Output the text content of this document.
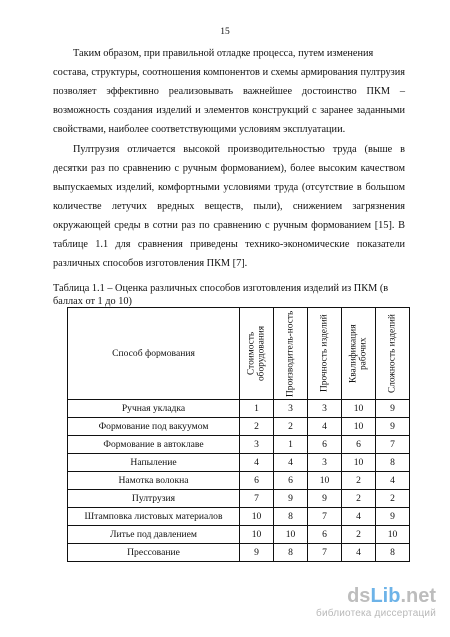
15
Таким образом, при правильной отладке процесса, путем изменения
состава, структуры, соотношения компонентов и схемы армирования пултрузия
позволяет эффективно реализовывать важнейшее достоинство ПКМ –
возможность создания изделий и элементов конструкций с заранее заданными
свойствами, наиболее соответствующими условиям эксплуатации.
Пултрузия отличается высокой производительностью труда (выше в
десятки раз по сравнению с ручным формованием), более высоким качеством
выпускаемых изделий, комфортными условиями труда (отсутствие в большом
количестве летучих вредных веществ, пыли), снижением загрязнения
окружающей среды в сотни раз по сравнению с ручным формованием [15]. В
таблице 1.1 для сравнения приведены технико-экономические показатели
различных способов изготовления ПКМ [7].
Таблица 1.1 – Оценка различных способов изготовления изделий из ПКМ (в
баллах от 1 до 10)
Способ формования	Стоимость оборудования	Производитель-ность	Прочность изделий	Квалификация рабочих	Сложность изделий

Ручная укладка	1	3	3	10	9
Формование под вакуумом	2	2	4	10	9
Формование в автоклаве	3	1	6	6	7
Напыление	4	4	3	10	8
Намотка волокна	6	6	10	2	4
Пултрузия	7	9	9	2	2
Штамповка листовых материалов	10	8	7	4	9
Литье под давлением	10	10	6	2	10
Прессование	9	8	7	4	8
dsLib.net
библиотека диссертаций
